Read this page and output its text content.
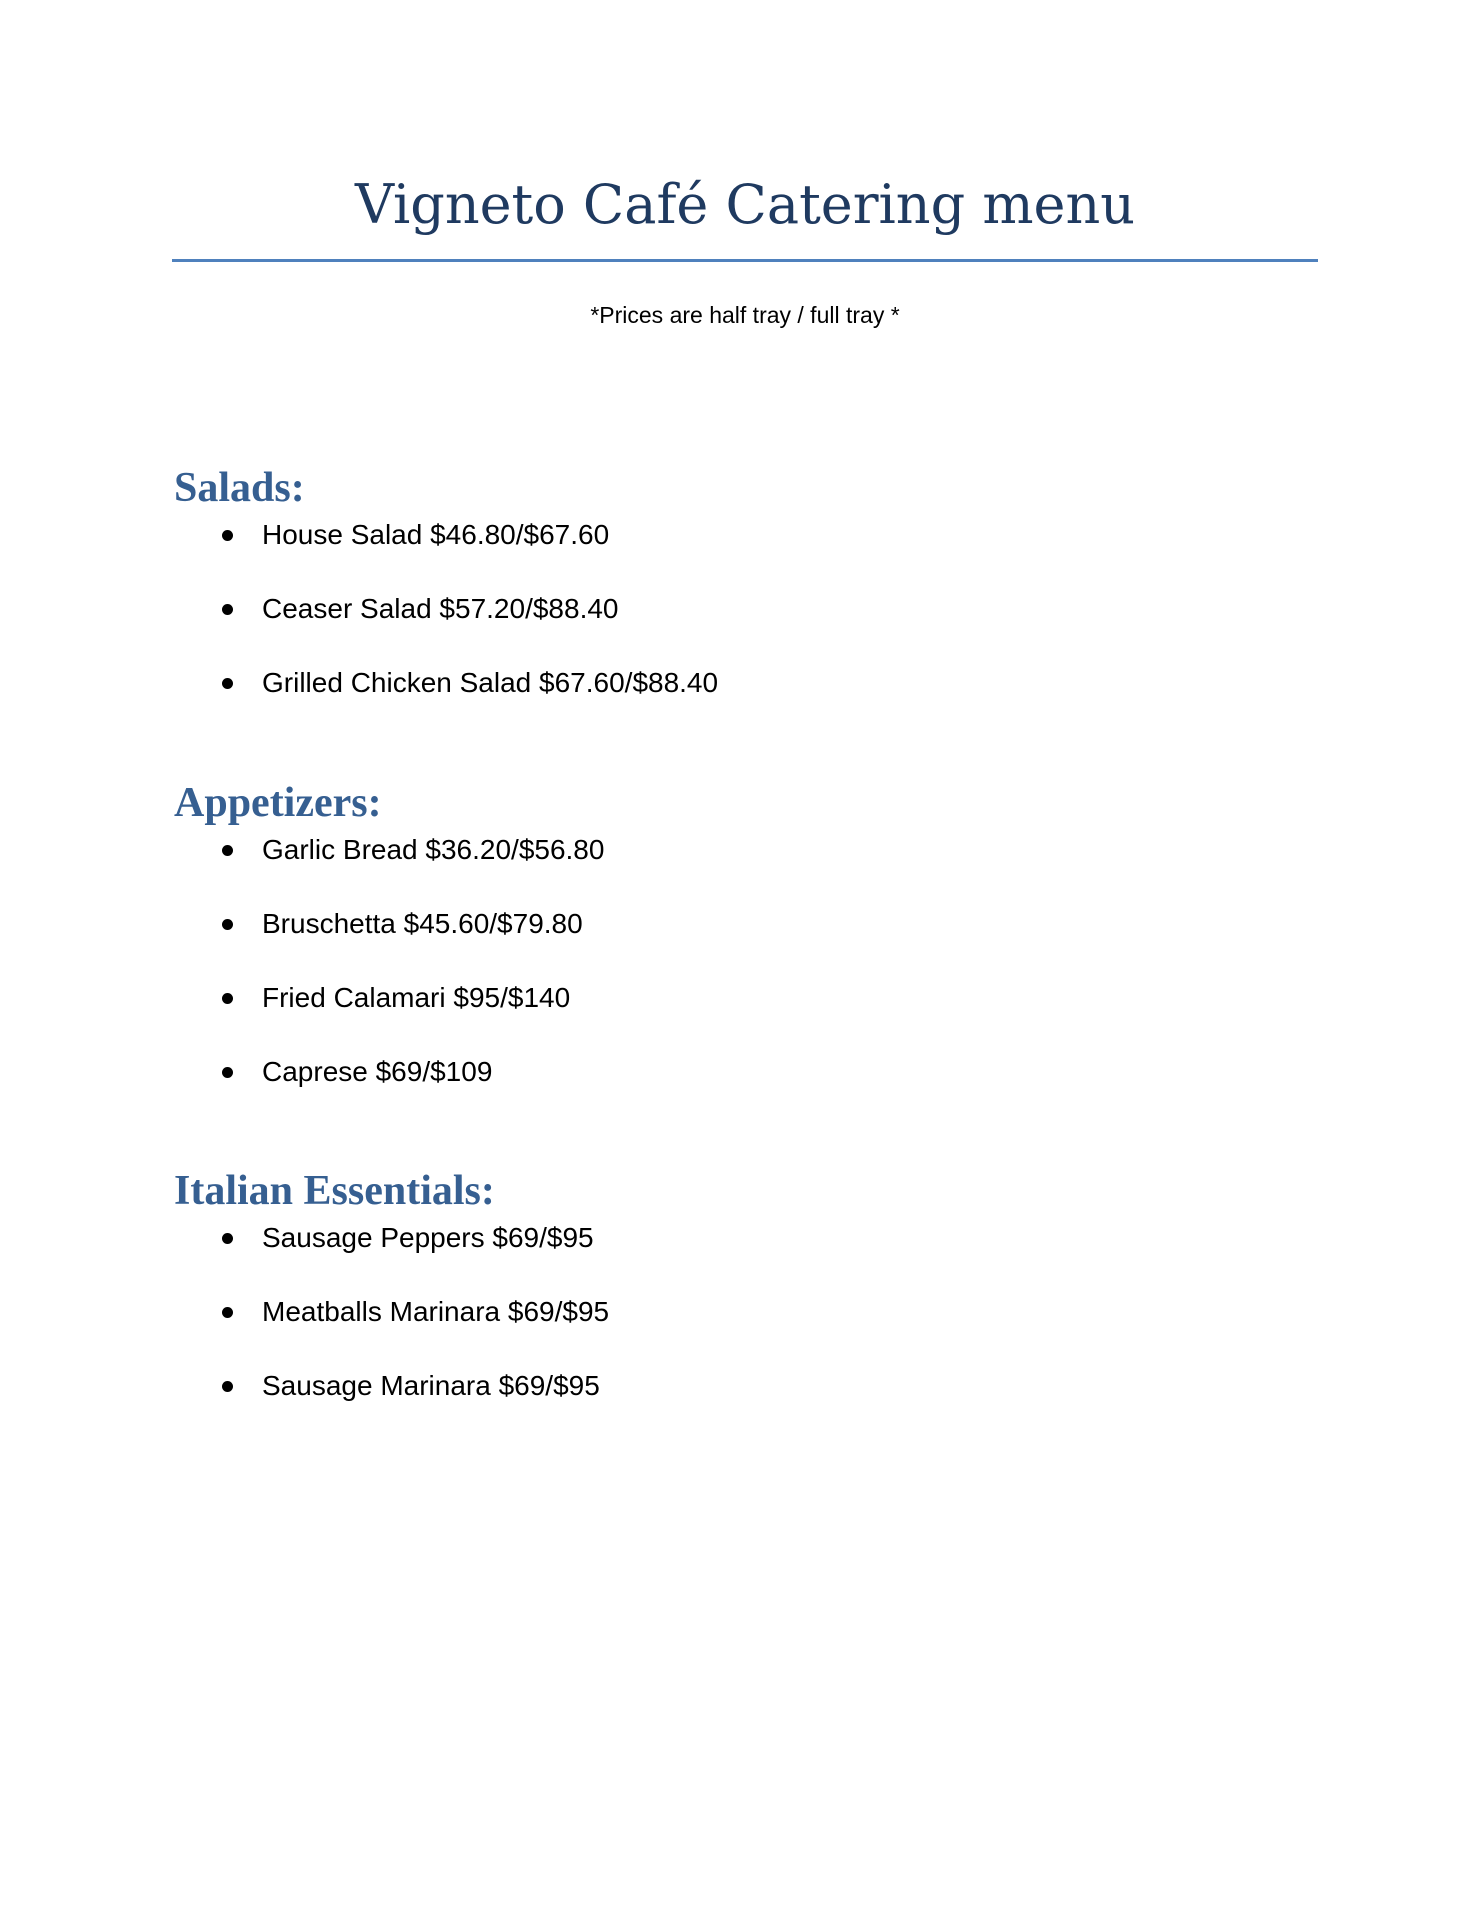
Vigneto Café Catering menu
*Prices are half tray / full tray *
Salads:
House Salad $46.80/$67.60
Ceaser Salad $57.20/$88.40
Grilled Chicken Salad $67.60/$88.40
Appetizers:
Garlic Bread $36.20/$56.80
Bruschetta $45.60/$79.80
Fried Calamari $95/$140
Caprese $69/$109
Italian Essentials:
Sausage Peppers $69/$95
Meatballs Marinara $69/$95
Sausage Marinara $69/$95
